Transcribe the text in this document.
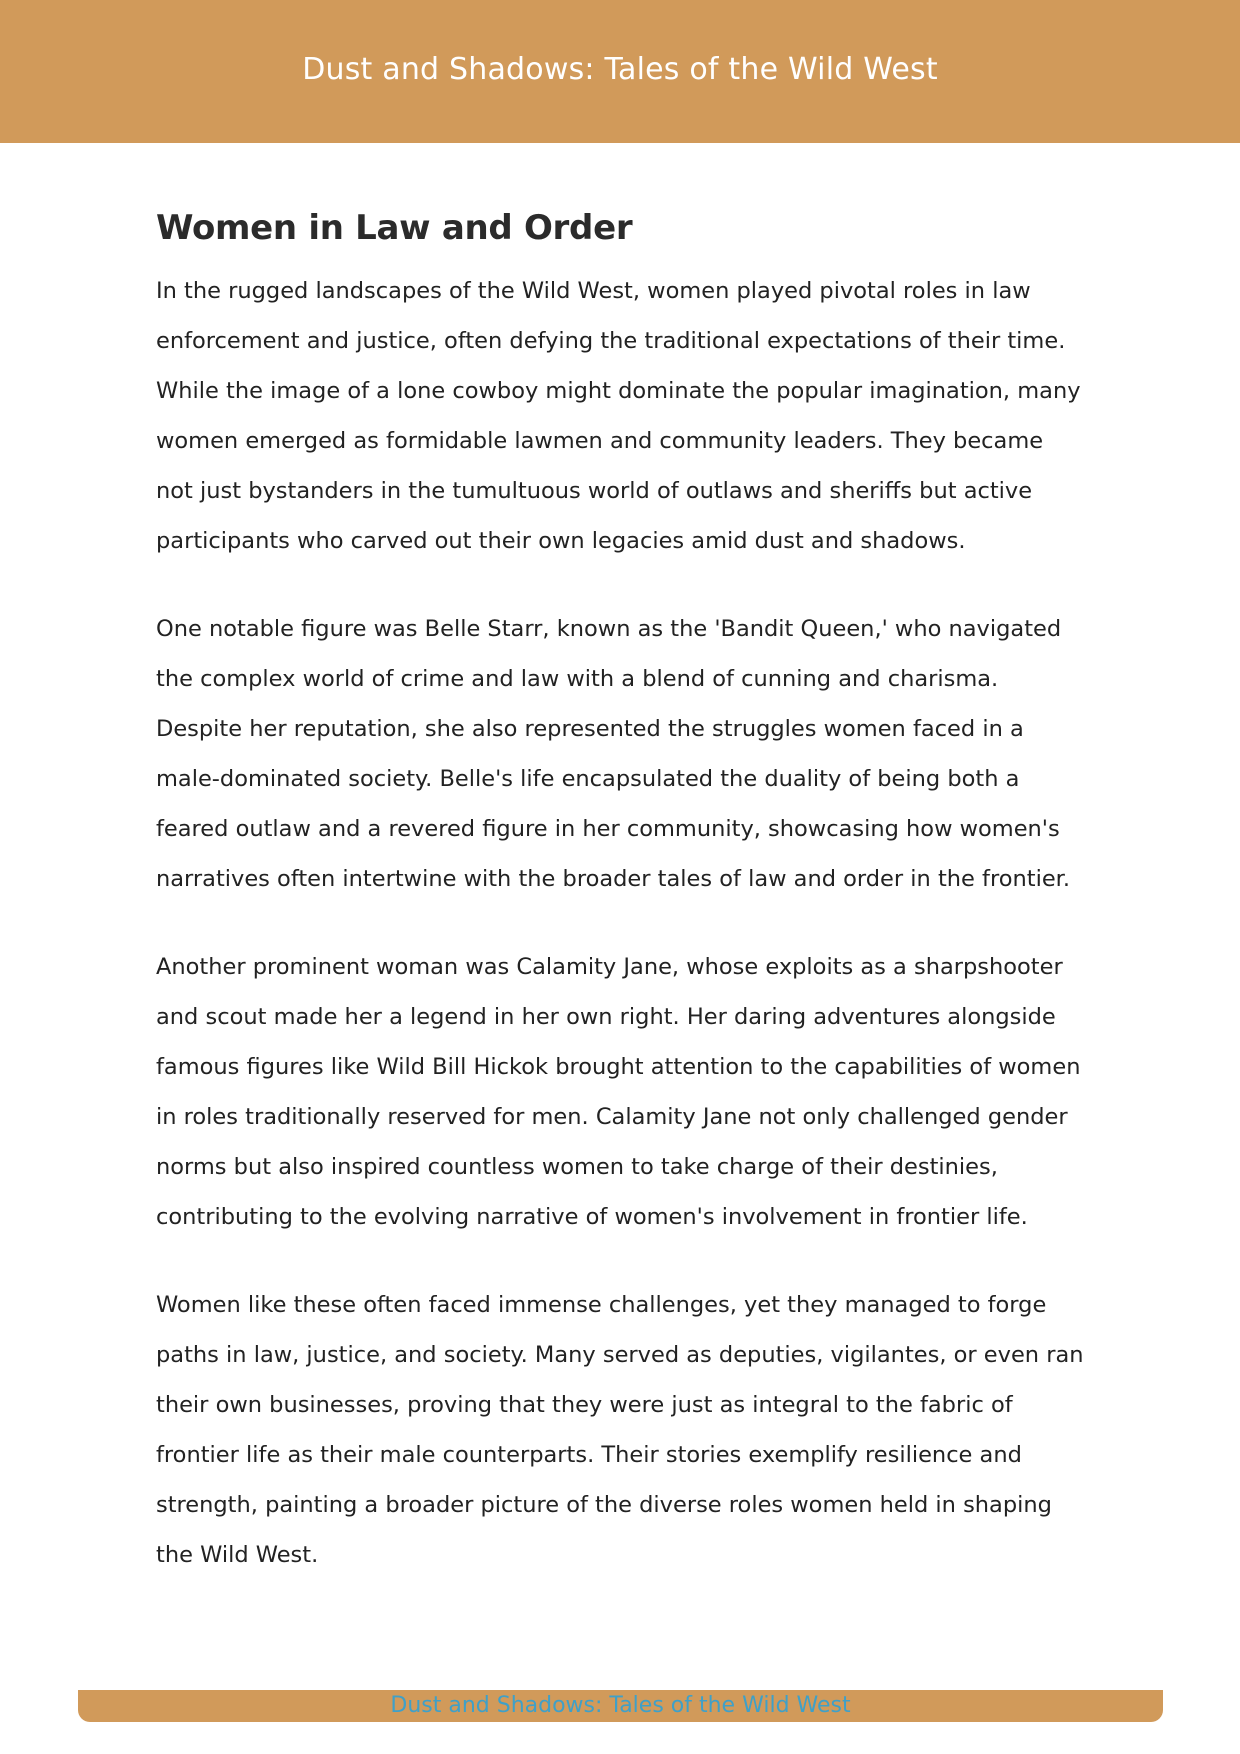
Dust and Shadows: Tales of the Wild West
Women in Law and Order

In the rugged landscapes of the Wild West, women played pivotal roles in law enforcement and justice, often defying the traditional expectations of their time. While the image of a lone cowboy might dominate the popular imagination, many women emerged as formidable lawmen and community leaders. They became not just bystanders in the tumultuous world of outlaws and sheriffs but active participants who carved out their own legacies amid dust and shadows.

One notable figure was Belle Starr, known as the 'Bandit Queen,' who navigated the complex world of crime and law with a blend of cunning and charisma. Despite her reputation, she also represented the struggles women faced in a male-dominated society. Belle's life encapsulated the duality of being both a feared outlaw and a revered figure in her community, showcasing how women's narratives often intertwine with the broader tales of law and order in the frontier.

Another prominent woman was Calamity Jane, whose exploits as a sharpshooter and scout made her a legend in her own right. Her daring adventures alongside famous figures like Wild Bill Hickok brought attention to the capabilities of women in roles traditionally reserved for men. Calamity Jane not only challenged gender norms but also inspired countless women to take charge of their destinies, contributing to the evolving narrative of women's involvement in frontier life.

Women like these often faced immense challenges, yet they managed to forge paths in law, justice, and society. Many served as deputies, vigilantes, or even ran their own businesses, proving that they were just as integral to the fabric of frontier life as their male counterparts. Their stories exemplify resilience and strength, painting a broader picture of the diverse roles women held in shaping the Wild West.

Dust and Shadows: Tales of the Wild West
